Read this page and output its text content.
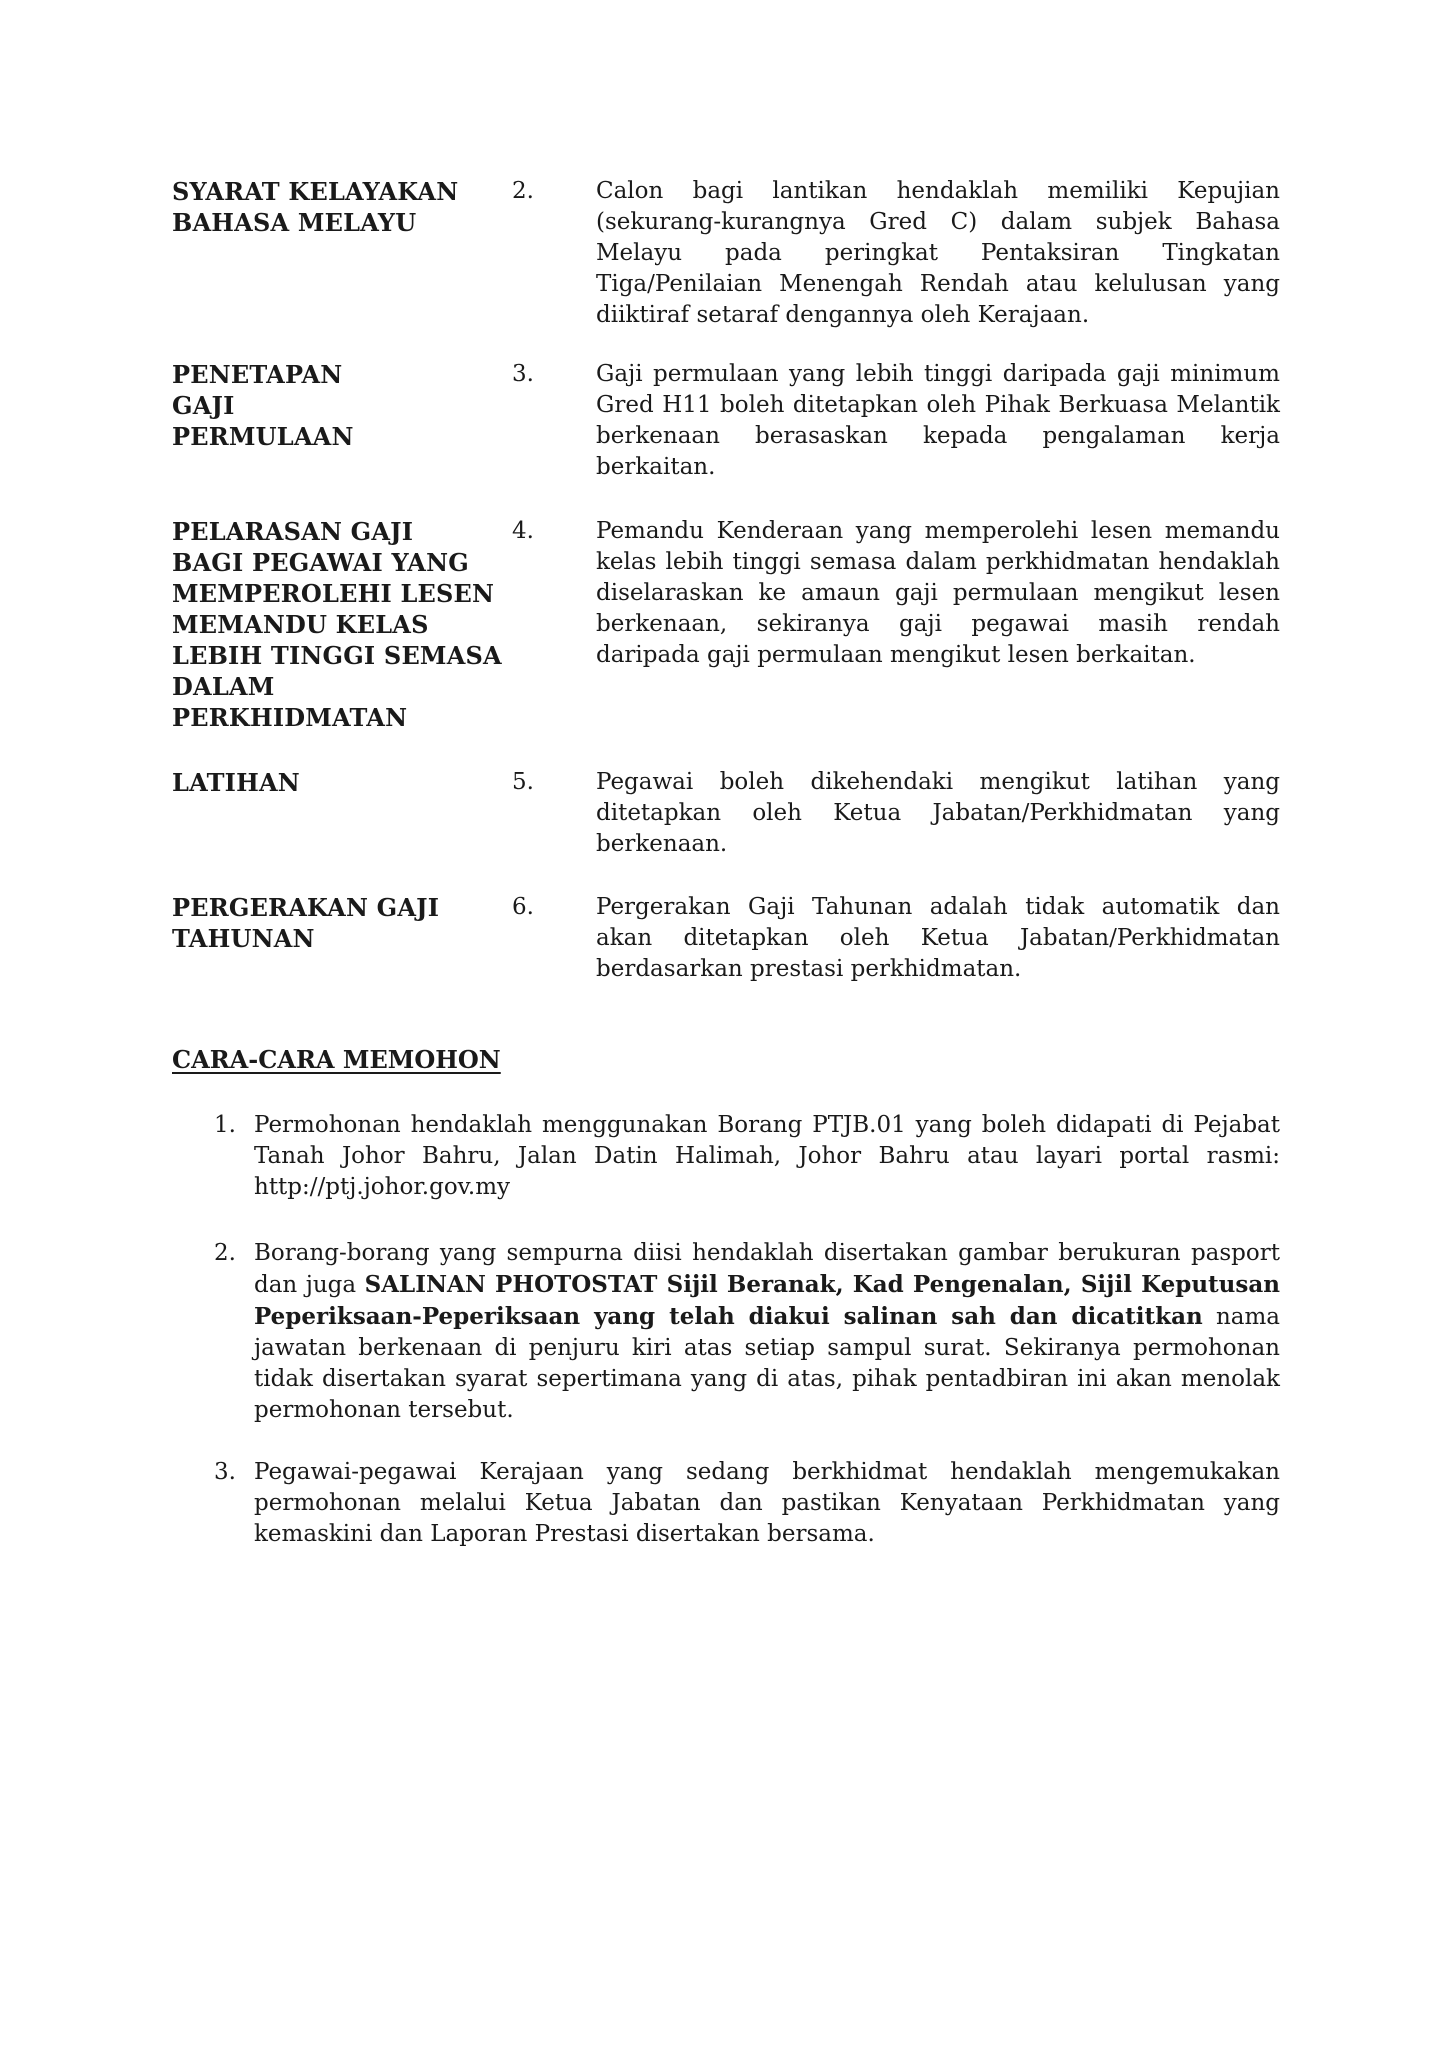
SYARAT KELAYAKAN
BAHASA MELAYU
2.	Calon bagi lantikan hendaklah memiliki Kepujian (sekurang-kurangnya Gred C) dalam subjek Bahasa Melayu pada peringkat Pentaksiran Tingkatan Tiga/Penilaian Menengah Rendah atau kelulusan yang diiktiraf setaraf dengannya oleh Kerajaan.
PENETAPAN
GAJI
PERMULAAN
3.	Gaji permulaan yang lebih tinggi daripada gaji minimum Gred H11 boleh ditetapkan oleh Pihak Berkuasa Melantik berkenaan berasaskan kepada pengalaman kerja berkaitan.
PELARASAN GAJI
BAGI PEGAWAI YANG
MEMPEROLEHI LESEN
MEMANDU KELAS
LEBIH TINGGI SEMASA
DALAM
PERKHIDMATAN
4.	Pemandu Kenderaan yang memperolehi lesen memandu kelas lebih tinggi semasa dalam perkhidmatan hendaklah diselaraskan ke amaun gaji permulaan mengikut lesen berkenaan, sekiranya gaji pegawai masih rendah daripada gaji permulaan mengikut lesen berkaitan.
LATIHAN	5.	Pegawai boleh dikehendaki mengikut latihan yang ditetapkan oleh Ketua Jabatan/Perkhidmatan yang berkenaan.
PERGERAKAN GAJI
TAHUNAN
6.	Pergerakan Gaji Tahunan adalah tidak automatik dan akan ditetapkan oleh Ketua Jabatan/Perkhidmatan berdasarkan prestasi perkhidmatan.
CARA-CARA MEMOHON
1. Permohonan hendaklah menggunakan Borang PTJB.01 yang boleh didapati di Pejabat Tanah Johor Bahru, Jalan Datin Halimah, Johor Bahru atau layari portal rasmi: http://ptj.johor.gov.my
2. Borang-borang yang sempurna diisi hendaklah disertakan gambar berukuran pasport dan juga SALINAN PHOTOSTAT Sijil Beranak, Kad Pengenalan, Sijil Keputusan Peperiksaan-Peperiksaan yang telah diakui salinan sah dan dicatitkan nama jawatan berkenaan di penjuru kiri atas setiap sampul surat. Sekiranya permohonan tidak disertakan syarat sepertimana yang di atas, pihak pentadbiran ini akan menolak permohonan tersebut.
3. Pegawai-pegawai Kerajaan yang sedang berkhidmat hendaklah mengemukakan permohonan melalui Ketua Jabatan dan pastikan Kenyataan Perkhidmatan yang kemaskini dan Laporan Prestasi disertakan bersama.
